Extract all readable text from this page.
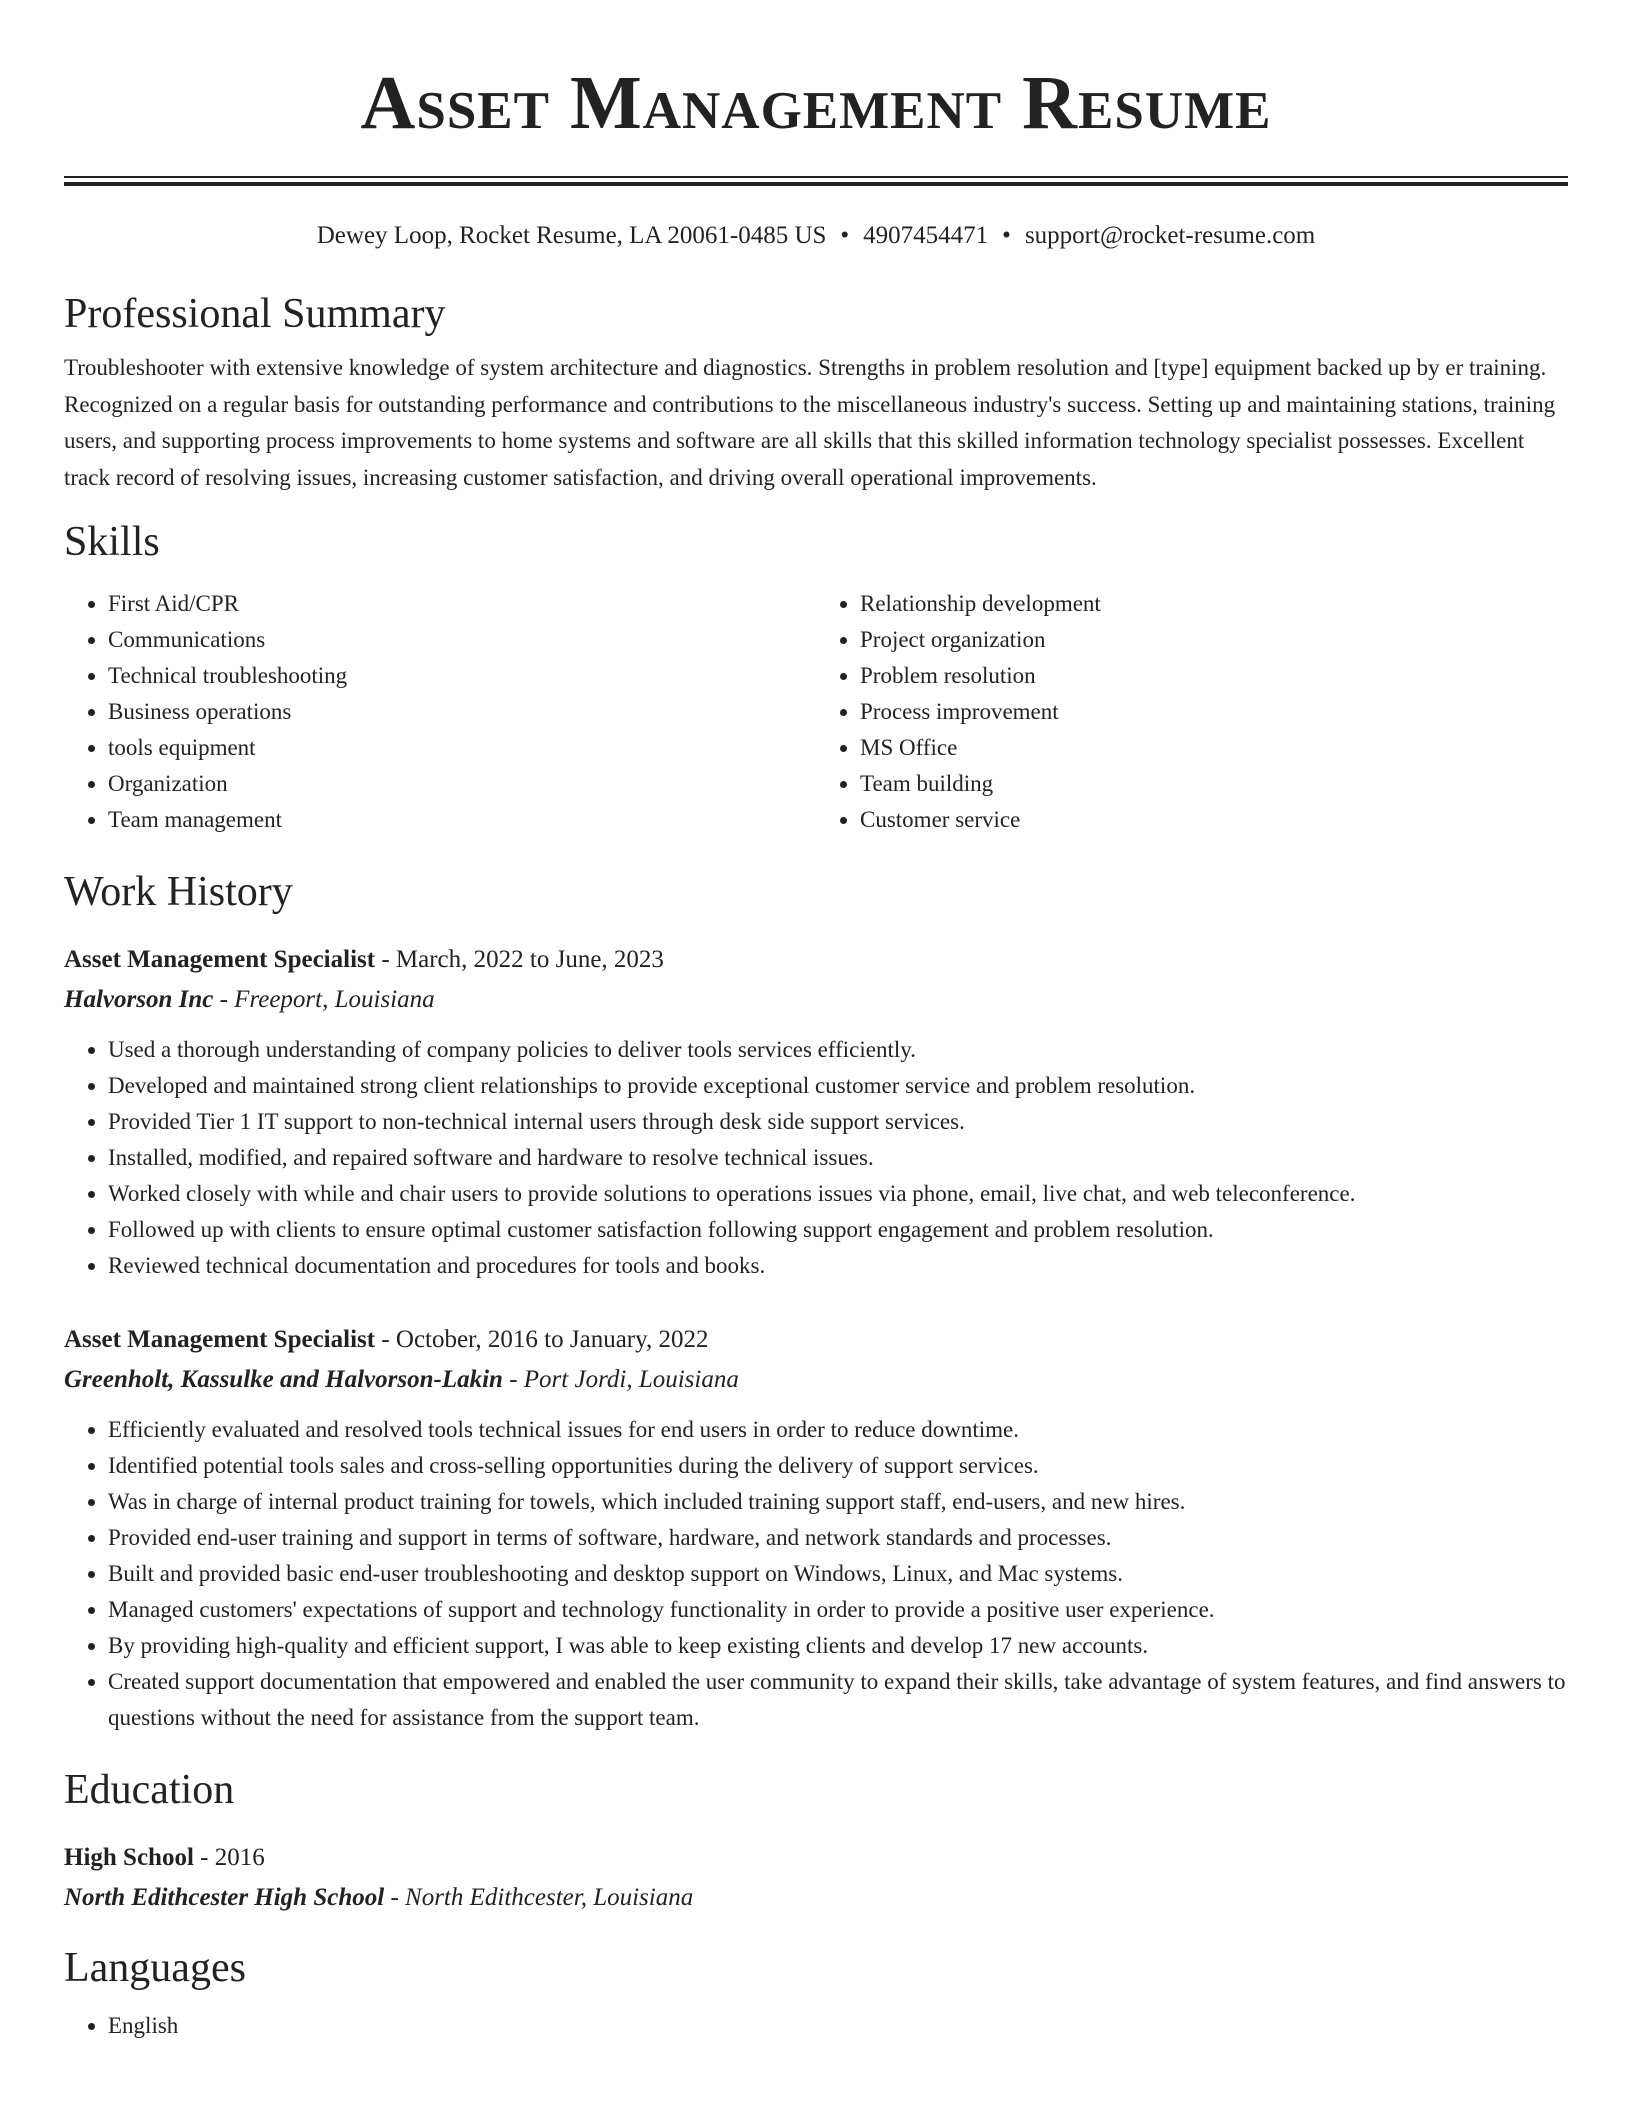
Asset Management Resume
Dewey Loop, Rocket Resume, LA 20061-0485 US • 4907454471 • support@rocket-resume.com
Professional Summary

Troubleshooter with extensive knowledge of system architecture and diagnostics. Strengths in problem resolution and [type] equipment backed up by er training. Recognized on a regular basis for outstanding performance and contributions to the miscellaneous industry's success. Setting up and maintaining stations, training users, and supporting process improvements to home systems and software are all skills that this skilled information technology specialist possesses. Excellent track record of resolving issues, increasing customer satisfaction, and driving overall operational improvements.

Skills
• First Aid/CPR
• Communications
• Technical troubleshooting
• Business operations
• tools equipment
• Organization
• Team management
• Relationship development
• Project organization
• Problem resolution
• Process improvement
• MS Office
• Team building
• Customer service
Work History
Asset Management Specialist - March, 2022 to June, 2023
Halvorson Inc - Freeport, Louisiana
• Used a thorough understanding of company policies to deliver tools services efficiently.
• Developed and maintained strong client relationships to provide exceptional customer service and problem resolution.
• Provided Tier 1 IT support to non-technical internal users through desk side support services.
• Installed, modified, and repaired software and hardware to resolve technical issues.
• Worked closely with while and chair users to provide solutions to operations issues via phone, email, live chat, and web teleconference.
• Followed up with clients to ensure optimal customer satisfaction following support engagement and problem resolution.
• Reviewed technical documentation and procedures for tools and books.
Asset Management Specialist - October, 2016 to January, 2022
Greenholt, Kassulke and Halvorson-Lakin - Port Jordi, Louisiana
• Efficiently evaluated and resolved tools technical issues for end users in order to reduce downtime.
• Identified potential tools sales and cross-selling opportunities during the delivery of support services.
• Was in charge of internal product training for towels, which included training support staff, end-users, and new hires.
• Provided end-user training and support in terms of software, hardware, and network standards and processes.
• Built and provided basic end-user troubleshooting and desktop support on Windows, Linux, and Mac systems.
• Managed customers' expectations of support and technology functionality in order to provide a positive user experience.
• By providing high-quality and efficient support, I was able to keep existing clients and develop 17 new accounts.
• Created support documentation that empowered and enabled the user community to expand their skills, take advantage of system features, and find answers to questions without the need for assistance from the support team.
Education
High School - 2016
North Edithcester High School - North Edithcester, Louisiana
Languages
• English
